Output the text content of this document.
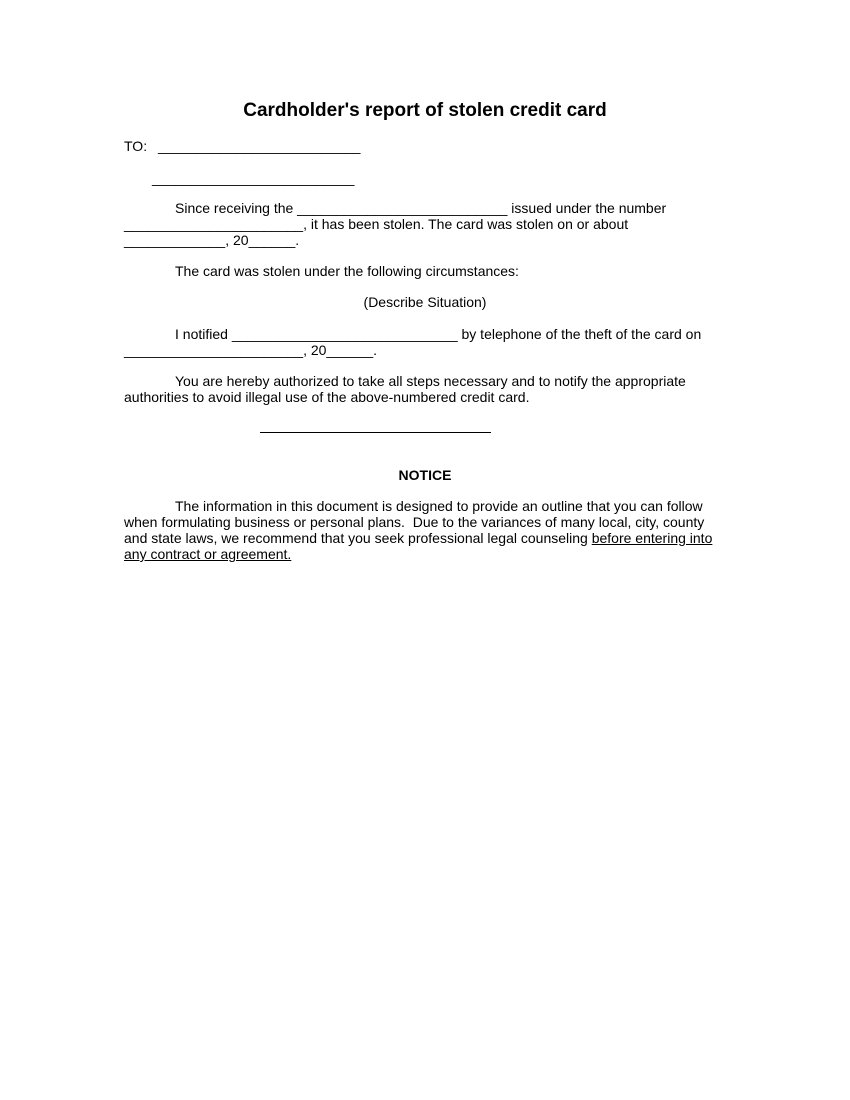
Cardholder's report of stolen credit card
TO: __________________________
__________________________
Since receiving the ___________________________ issued under the number
_______________________, it has been stolen. The card was stolen on or about
_____________, 20______.
The card was stolen under the following circumstances:
(Describe Situation)
I notified _____________________________ by telephone of the theft of the card on
_______________________, 20______.
You are hereby authorized to take all steps necessary and to notify the appropriate
authorities to avoid illegal use of the above-numbered credit card.
NOTICE
The information in this document is designed to provide an outline that you can follow
when formulating business or personal plans.  Due to the variances of many local, city, county
and state laws, we recommend that you seek professional legal counseling before entering into
any contract or agreement.
